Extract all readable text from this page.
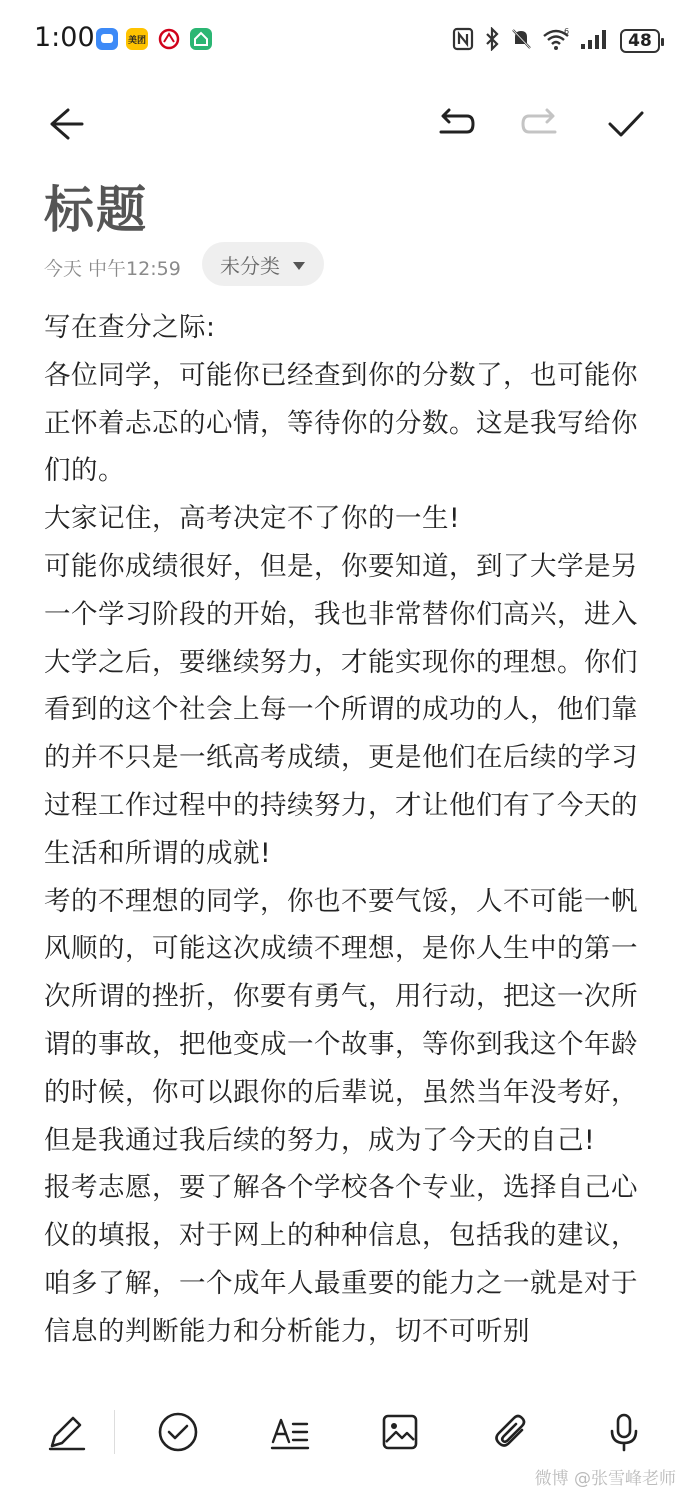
1:00	美团
6	48
标题
今天 中午12:59 未分类

写在查分之际:

各位同学，可能你已经查到你的分数了，也可能你正怀着忐忑的心情，等待你的分数。这是我写给你们的。

大家记住，高考决定不了你的一生!

可能你成绩很好，但是，你要知道，到了大学是另一个学习阶段的开始，我也非常替你们高兴，进入大学之后，要继续努力，才能实现你的理想。你们看到的这个社会上每一个所谓的成功的人，他们靠的并不只是一纸高考成绩，更是他们在后续的学习过程工作过程中的持续努力，才让他们有了今天的生活和所谓的成就!

考的不理想的同学，你也不要气馁，人不可能一帆风顺的，可能这次成绩不理想，是你人生中的第一次所谓的挫折，你要有勇气，用行动，把这一次所谓的事故，把他变成一个故事，等你到我这个年龄的时候，你可以跟你的后辈说，虽然当年没考好，但是我通过我后续的努力，成为了今天的自己!

报考志愿，要了解各个学校各个专业，选择自己心仪的填报，对于网上的种种信息，包括我的建议，咱多了解，一个成年人最重要的能力之一就是对于信息的判断能力和分析能力，切不可听别

微博 @张雪峰老师
